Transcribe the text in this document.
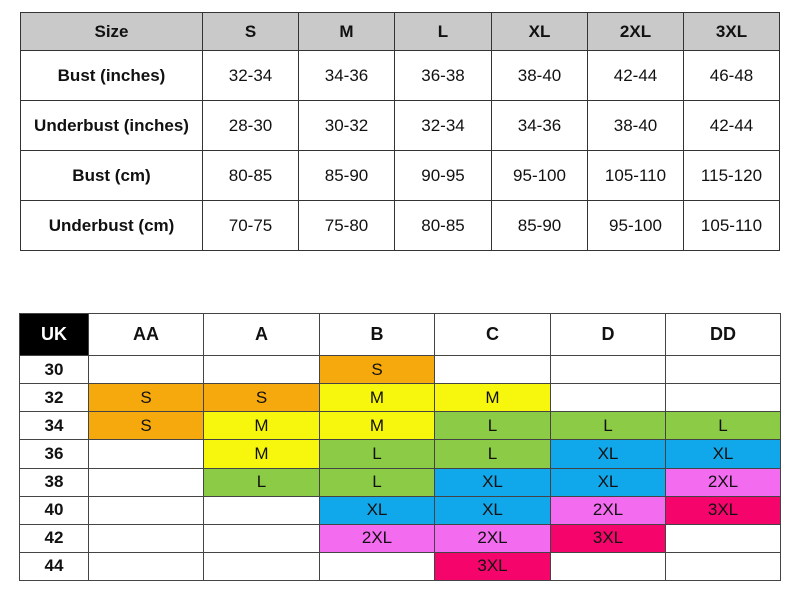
Size	S	M	L	XL	2XL	3XL
Bust (inches)	32-34	34-36	36-38	38-40	42-44	46-48
Underbust (inches)	28-30	30-32	32-34	34-36	38-40	42-44
Bust (cm)	80-85	85-90	90-95	95-100	105-110	115-120
Underbust (cm)	70-75	75-80	80-85	85-90	95-100	105-110
UK	AA	A	B	C	D	DD
30			S			
32	S	S	M	M		
34	S	M	M	L	L	L
36		M	L	L	XL	XL
38		L	L	XL	XL	2XL
40			XL	XL	2XL	3XL
42			2XL	2XL	3XL	
44				3XL		
